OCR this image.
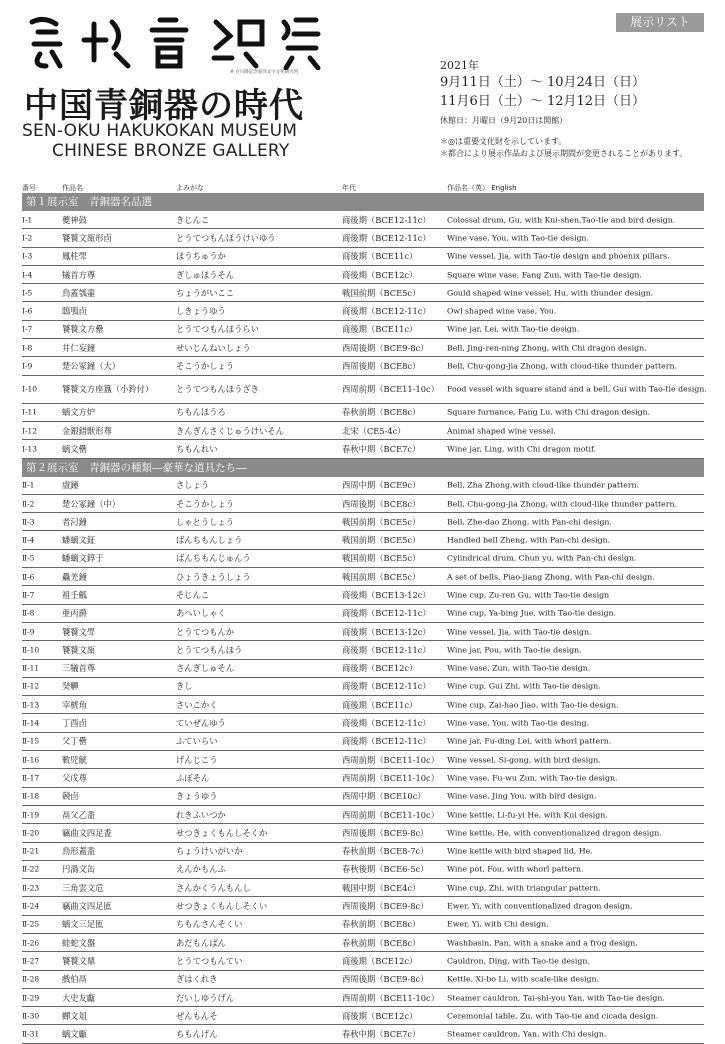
※ 白川静記念東洋文字文化研究所
中国青銅器の時代
SEN-OKU HAKUKOKAN MUSEUM
CHINESE BRONZE GALLERY
展示リスト
2021年
9月11日（土）～ 10月24日（日）
11月6日（土）～ 12月12日（日）
休館日：月曜日（9月20日は開館）
＊◎は重要文化財を示しています。
＊都合により展示作品および展示期間が変更されることがあります。
番号	作品名	よみがな	年代	作品名（英） English
第１展示室　青銅器名品選
Ⅰ-1	夔神鼓	きじんこ	商後期（BCE12-11c） Colossal drum, Gu, with Kui-shen,Tao-tie and bird design.
Ⅰ-2	饕餮文瓿形卣	とうてつもんほうけいゆう	商後期（BCE12-11c） Wine vase, You, with Tao-tie design.
Ⅰ-3	鳳柱斝	ほうちゅうか	商後期（BCE11c）	Wine vessel, Jia, with Tao-tie design and phoenix pillars.
Ⅰ-4	犠首方尊	ぎしゅほうそん	商後期（BCE12c）	Square wine vase, Fang Zun, with Tao-tie design.
Ⅰ-5	鳥蓋瓠壷	ちょうがいここ	戦国前期（BCE5c）	Gould shaped wine vessel, Hu, with thunder design.
Ⅰ-6	鴟鴞卣	しきょうゆう	商後期（BCE12-11c） Owl shaped wine vase, You.
Ⅰ-7	饕餮文方罍	とうてつもんほうらい	商後期（BCE11c）	Wine jar, Lei, with Tao-tie design.
Ⅰ-8	井仁妄鐘	せいじんねいしょう	西周後期（BCE9-8c） Bell, Jing-ren-ning Zhong, with Chi dragon design.
Ⅰ-9	楚公冢鐘（大）	そこうかしょう	西周後期（BCE8c）	Bell, Chu-gong-jia Zhong, with cloud-like thunder pattern.
Ⅰ-10	饕餮文方座簋（小鈴付）	とうてつもんほうざき	西周前期（BCE11-10c） Food vessel with square stand and a bell, Gui with Tao-tie design.
Ⅰ-11	螭文方炉	ちもんほうろ	春秋前期（BCE8c）	Square furnance, Fang Lu, with Chi dragon design.
Ⅰ-12	金銀錯獣形尊	きんぎんさくじゅうけいそん	北宋（CE5-4c）	Animal shaped wine vessel.
Ⅰ-13	螭文罍	ちもんれい	春秋中期（BCE7c）	Wine jar, Ling, with Chi dragon motif.
第２展示室　青銅器の種類―豪華な道具たち―
Ⅱ-1	虘鐘	さしょう	西周中期（BCE9c）	Bell, Zha Zhong,with cloud-like thunder pattern.
Ⅱ-2	楚公冢鐘（中）	そこうかしょう	西周後期（BCE8c）	Bell, Chu-gong-jia Zhong, with cloud-like thunder pattern.
Ⅱ-3	者汈鐘	しゃとうしょう	戦国前期（BCE5c）	Bell, Zhe-dao Zhong, with Pan-chi design.
Ⅱ-4	蟠螭文鉦	ばんちもんしょう	戦国前期（BCE5c）	Handled bell Zheng, with Pan-chi design.
Ⅱ-5	蟠螭文錞于	ばんちもんじゅんう	戦国前期（BCE5c）	Cylindrical drum, Chun yu, with Pan-chi design.
Ⅱ-6	驫羌鐘	ひょうきょうしょう	戦国前期（BCE5c）	A set of bells, Piao-jiang Zhong, with Pan-chi design.
Ⅱ-7	祖壬觚	そじんこ	商後期（BCE13-12c） Wine cup, Zu-ren Gu, with Tao-tie design
Ⅱ-8	亜丙爵	あへいしゃく	商後期（BCE12-11c） Wine cup, Ya-bing Jue, with Tao-tie design.
Ⅱ-9	饕餮文斝	とうてつもんか	商後期（BCE13-12c） Wine vessel, Jia, with Tao-tie design.
Ⅱ-10	饕餮文瓿	とうてつもんほう	商後期（BCE12-11c） Wine jar, Pou, with Tao-tie design.
Ⅱ-11	三犠首尊	さんぎしゅそん	商後期（BCE12c）	Wine vase, Zun, with Tao-tie design.
Ⅱ-12	癸觶	きし	商後期（BCE12-11c） Wine cup, Gui Zhi, with Tao-tie design.
Ⅱ-13	宰椃角	さいこかく	商後期（BCE11c）	Wine cup, Zai-hao Jiao, with Tao-tie design.
Ⅱ-14	丁酉卣	ていぜんゆう	商後期（BCE12-11c） Wine vase, You, with Tao-tie desing.
Ⅱ-15	父丁罍	ふていらい	商後期（BCE12-11c） Wine jar, Fu-ding Lei, with whorl pattern.
Ⅱ-16	㪤兕觥	げんじこう	西周前期（BCE11-10c） Wine vessel, Si-gong, with bird design.
Ⅱ-17	父戊尊	ふぼそん	西周前期（BCE11-10c） Wine vase, Fu-wu Zun, with Tao-tie design.
Ⅱ-18	競卣	きょうゆう	西周中期（BCE10c）	Wine vase, Jing You, with bird design.
Ⅱ-19	鬲父乙盉	れきふいつか	西周前期（BCE11-10c） Wine kettle, Li-fu-yi He, with Kui design.
Ⅱ-20	竊曲文四足盉	せつきょくもんしそくか	西周後期（BCE9-8c） Wine kettle, He, with conventionalized dragon design.
Ⅱ-21	鳥形蓋盉	ちょうけいがいか	春秋前期（BCE8-7c） Wine kettle with bird shaped lid, He.
Ⅱ-22	円渦文缶	えんかもんふ	春秋後期（BCE6-5c） Wine pot, Fou, with whorl pattern.
Ⅱ-23	三角雲文卮	さんかくうんもんし	戦国中期（BCE4c）	Wine cup, Zhi, with triangular pattern.
Ⅱ-24	竊曲文四足匜	せつきょくもんしそくい	西周後期（BCE9-8c） Ewer, Yi, with conventionalized dragon design.
Ⅱ-25	螭文三足匜	ちもんさんそくい	春秋前期（BCE8c）	Ewer, Yi, with Chi design.
Ⅱ-26	蛙蛇文盤	あだもんばん	春秋前期（BCE8c）	Washbasin, Pan, with a snake and a frog design.
Ⅱ-27	饕餮文鼎	とうてつもんてい	商後期（BCE12c）	Cauldron, Ding, with Tao-tie design.
Ⅱ-28	戲伯鬲	ぎはくれき	西周後期（BCE9-8c） Kettle, Xi-bo Li, with scale-like design.
Ⅱ-29	大史友甗	だいしゆうげん	西周前期（BCE11-10c） Steamer cauldron, Tai-shi-you Yan, with Tao-tie design.
Ⅱ-30	蟬文俎	ぜんもんそ	商後期（BCE12c）	Ceremonial table, Zu, with Tao-tie and cicada design.
Ⅱ-31	螭文甗	ちもんげん	春秋中期（BCE7c）	Steamer cauldron, Yan, with Chi design.
